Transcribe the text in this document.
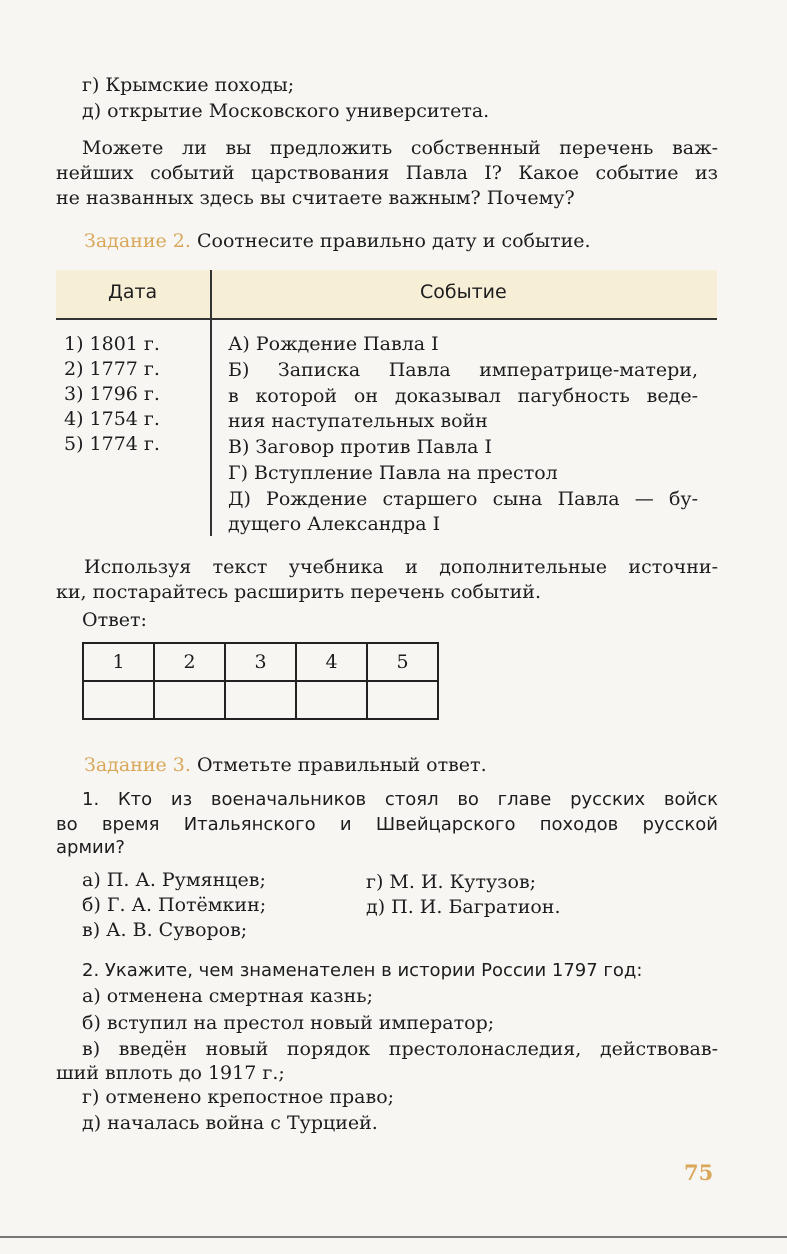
г) Крымские походы;
д) открытие Московского университета.
Можете ли вы предложить собственный перечень важ-
нейших событий царствования Павла I? Какое событие из
не названных здесь вы считаете важным? Почему?
Задание 2. Соотнесите правильно дату и событие.
Дата	Событие
1) 1801 г.
2) 1777 г.
3) 1796 г.
4) 1754 г.
5) 1774 г.
А) Рождение Павла I
Б) Записка Павла императрице-матери,
в которой он доказывал пагубность веде-
ния наступательных войн
В) Заговор против Павла I
Г) Вступление Павла на престол
Д) Рождение старшего сына Павла — бу-
дущего Александра I
Используя текст учебника и дополнительные источни-
ки, постарайтесь расширить перечень событий.
Ответ:
1	2	3	4	5

Задание 3. Отметьте правильный ответ.
1. Кто из военачальников стоял во главе русских войск
во время Итальянского и Швейцарского походов русской
армии?
а) П. А. Румянцев;
б) Г. А. Потёмкин;
в) А. В. Суворов;
г) М. И. Кутузов;
д) П. И. Багратион.
2. Укажите, чем знаменателен в истории России 1797 год:
а) отменена смертная казнь;
б) вступил на престол новый император;
в) введён новый порядок престолонаследия, действовав-
ший вплоть до 1917 г.;
г) отменено крепостное право;
д) началась война с Турцией.
75
